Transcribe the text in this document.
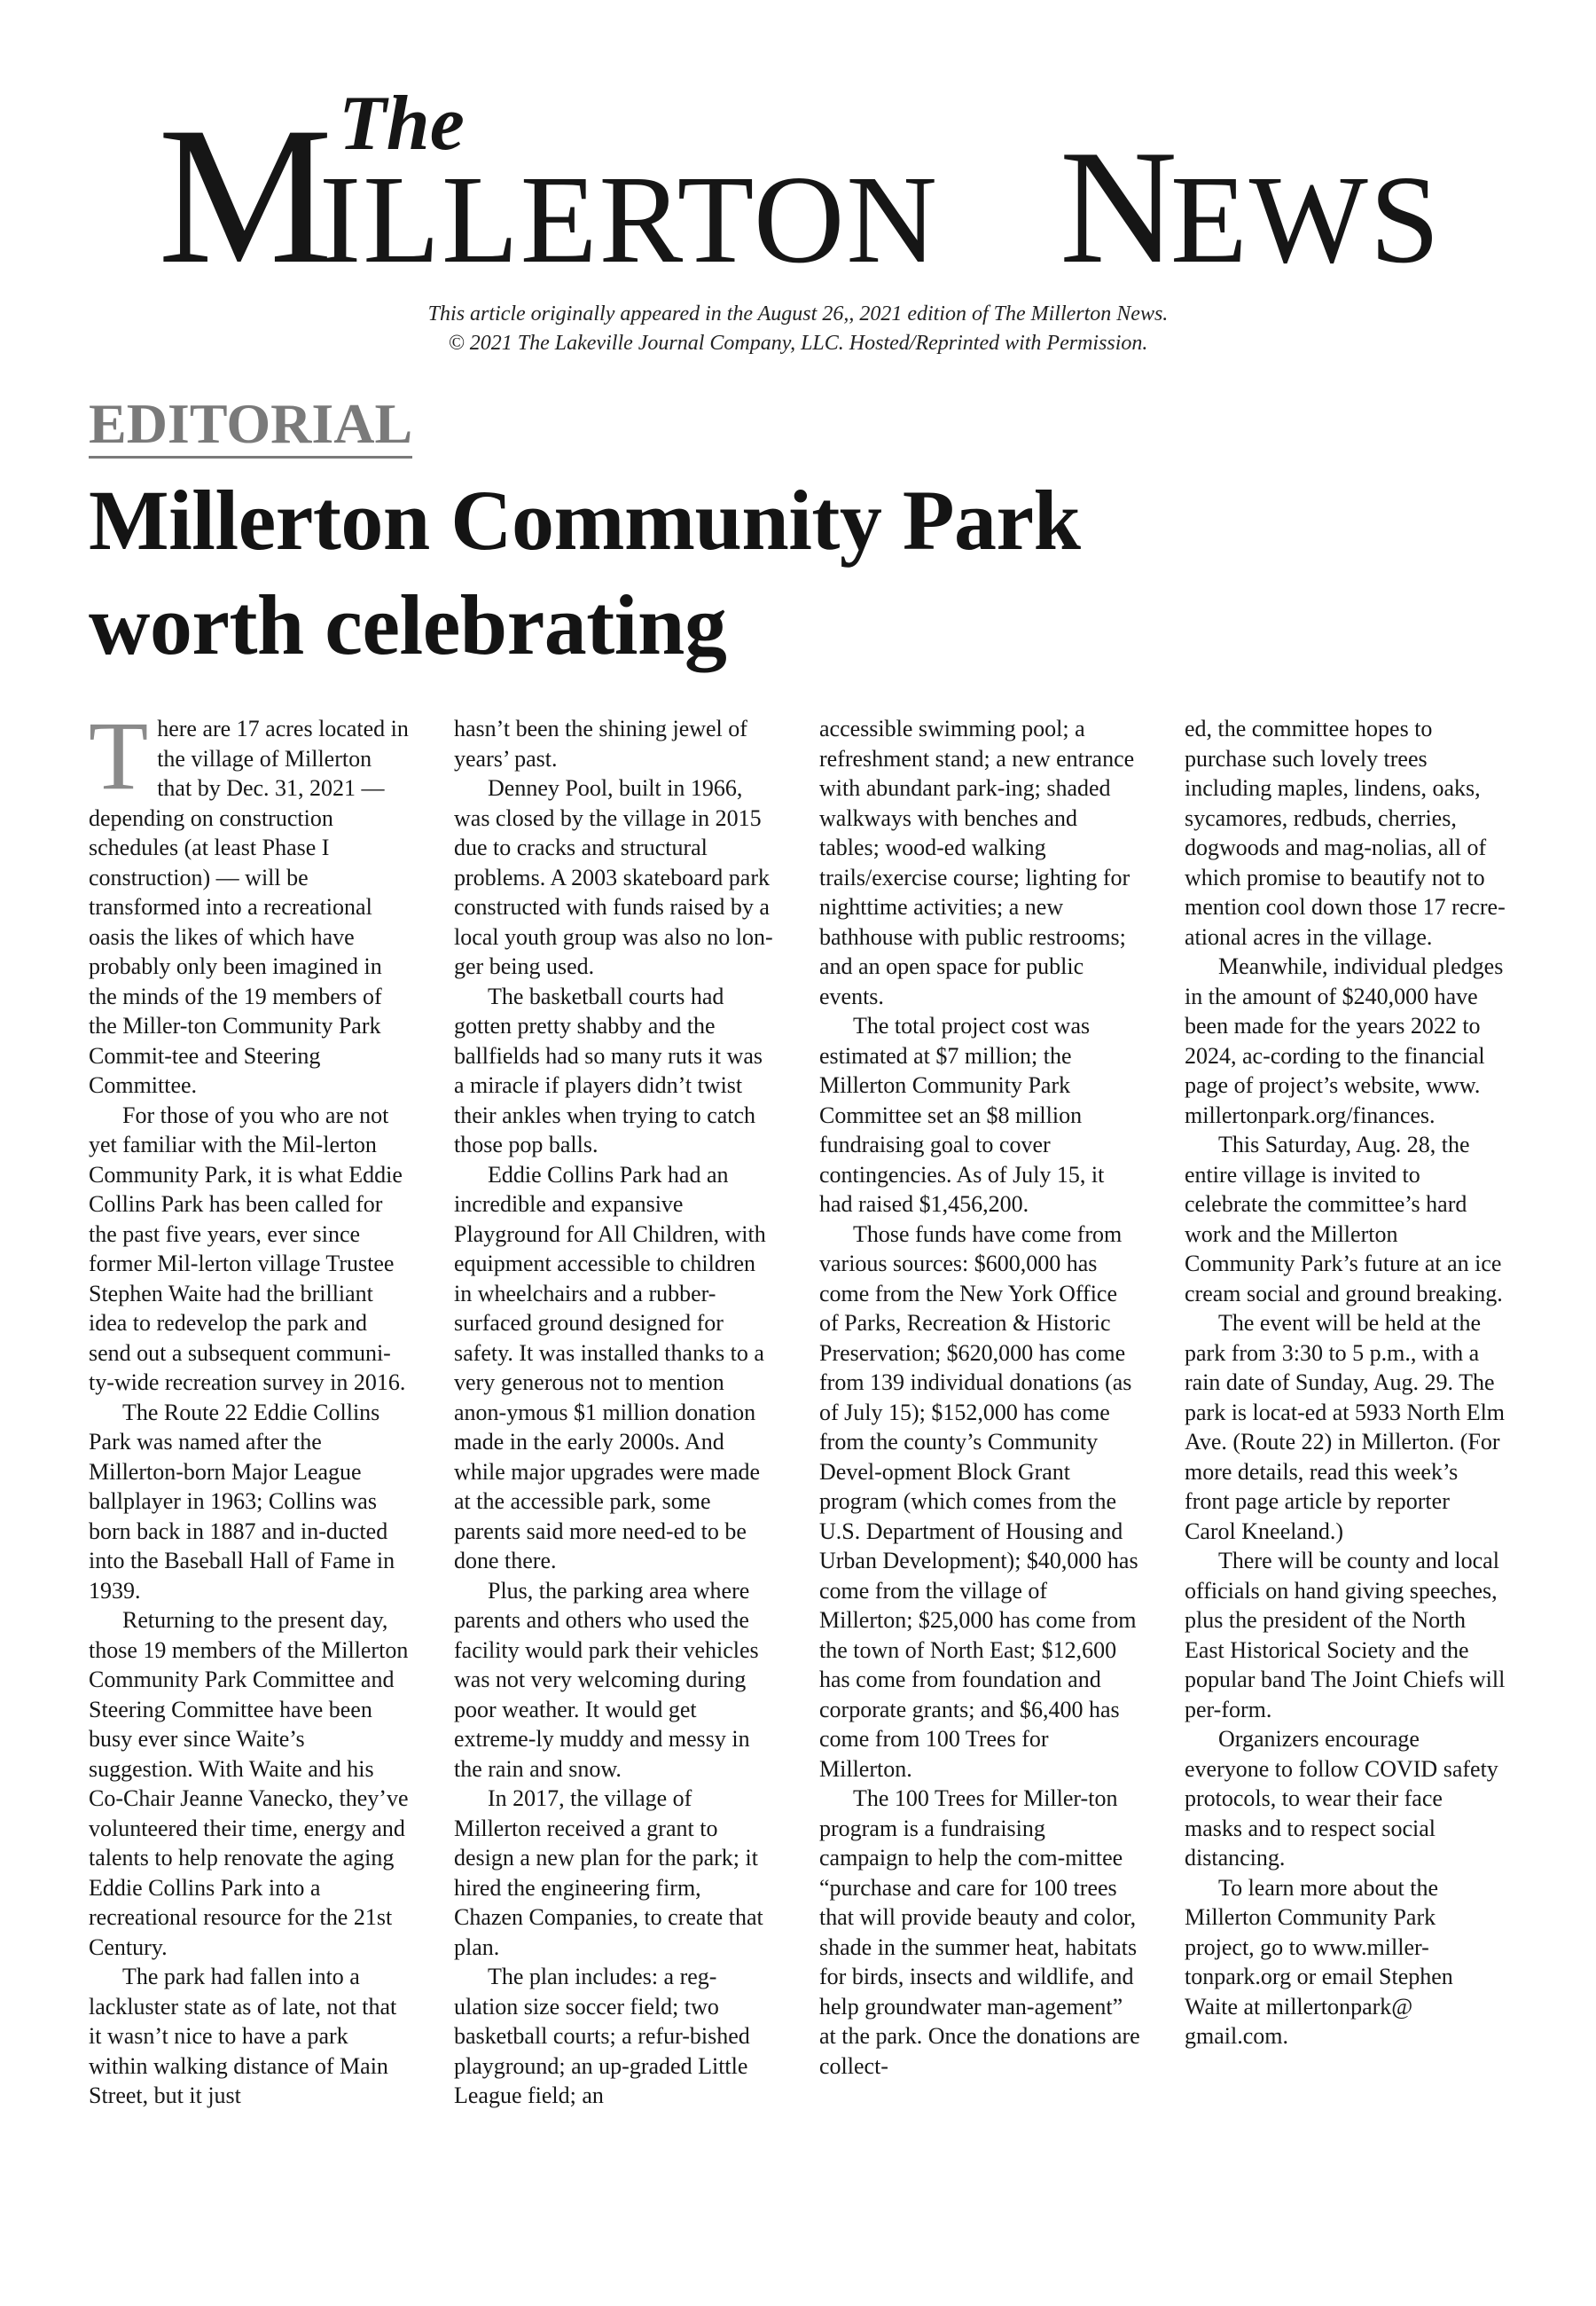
The
M
ILLERTON N
EWS
This article originally appeared in the August 26,, 2021 edition of The Millerton News.
© 2021 The Lakeville Journal Company, LLC. Hosted/Reprinted with Permission.
EDITORIAL
Millerton Community Park
worth celebrating
T here are 17 acres located in the village of Millerton that by Dec. 31, 2021 — depending on construction schedules (at least Phase I construction) — will be transformed into a recreational oasis the likes of which have probably only been imagined in the minds of the 19 members of the Miller-ton Community Park Commit-tee and Steering Committee.

For those of you who are not yet familiar with the Mil-lerton Community Park, it is what Eddie Collins Park has been called for the past five years, ever since former Mil-lerton village Trustee Stephen Waite had the brilliant idea to redevelop the park and send out a subsequent communi-ty-wide recreation survey in 2016.

The Route 22 Eddie Collins Park was named after the Millerton-born Major League ballplayer in 1963; Collins was born back in 1887 and in-ducted into the Baseball Hall of Fame in 1939.

Returning to the present day, those 19 members of the Millerton Community Park Committee and Steering Committee have been busy ever since Waite’s suggestion. With Waite and his Co-Chair Jeanne Vanecko, they’ve volunteered their time, energy and talents to help renovate the aging Eddie Collins Park into a recreational resource for the 21st Century.

The park had fallen into a lackluster state as of late, not that it wasn’t nice to have a park within walking distance of Main Street, but it just

hasn’t been the shining jewel of years’ past.

Denney Pool, built in 1966, was closed by the village in 2015 due to cracks and structural problems. A 2003 skateboard park constructed with funds raised by a local youth group was also no lon-ger being used.

The basketball courts had gotten pretty shabby and the ballfields had so many ruts it was a miracle if players didn’t twist their ankles when trying to catch those pop balls.

Eddie Collins Park had an incredible and expansive Playground for All Children, with equipment accessible to children in wheelchairs and a rubber-surfaced ground designed for safety. It was installed thanks to a very generous not to mention anon-ymous $1 million donation made in the early 2000s. And while major upgrades were made at the accessible park, some parents said more need-ed to be done there.

Plus, the parking area where parents and others who used the facility would park their vehicles was not very welcoming during poor weather. It would get extreme-ly muddy and messy in the rain and snow.

In 2017, the village of Millerton received a grant to design a new plan for the park; it hired the engineering firm, Chazen Companies, to create that plan.

The plan includes: a reg-ulation size soccer field; two basketball courts; a refur-bished playground; an up-graded Little League field; an

accessible swimming pool; a refreshment stand; a new entrance with abundant park-ing; shaded walkways with benches and tables; wood-ed walking trails/exercise course; lighting for nighttime activities; a new bathhouse with public restrooms; and an open space for public events.

The total project cost was estimated at $7 million; the Millerton Community Park Committee set an $8 million fundraising goal to cover contingencies. As of July 15, it had raised $1,456,200.

Those funds have come from various sources: $600,000 has come from the New York Office of Parks, Recreation & Historic Preservation; $620,000 has come from 139 individual donations (as of July 15); $152,000 has come from the county’s Community Devel-opment Block Grant program (which comes from the U.S. Department of Housing and Urban Development); $40,000 has come from the village of Millerton; $25,000 has come from the town of North East; $12,600 has come from foundation and corporate grants; and $6,400 has come from 100 Trees for Millerton.

The 100 Trees for Miller-ton program is a fundraising campaign to help the com-mittee “purchase and care for 100 trees that will provide beauty and color, shade in the summer heat, habitats for birds, insects and wildlife, and help groundwater man-agement” at the park. Once the donations are collect-

ed, the committee hopes to purchase such lovely trees including maples, lindens, oaks, sycamores, redbuds, cherries, dogwoods and mag-nolias, all of which promise to beautify not to mention cool down those 17 recre-ational acres in the village.

Meanwhile, individual pledges in the amount of $240,000 have been made for the years 2022 to 2024, ac-cording to the financial page of project’s website, www. millertonpark.org/finances.

This Saturday, Aug. 28, the entire village is invited to celebrate the committee’s hard work and the Millerton Community Park’s future at an ice cream social and ground breaking.

The event will be held at the park from 3:30 to 5 p.m., with a rain date of Sunday, Aug. 29. The park is locat-ed at 5933 North Elm Ave. (Route 22) in Millerton. (For more details, read this week’s front page article by reporter Carol Kneeland.)

There will be county and local officials on hand giving speeches, plus the president of the North East Historical Society and the popular band The Joint Chiefs will per-form.

Organizers encourage everyone to follow COVID safety protocols, to wear their face masks and to respect social distancing.

To learn more about the Millerton Community Park project, go to www.miller-tonpark.org or email Stephen Waite at millertonpark@ gmail.com.
